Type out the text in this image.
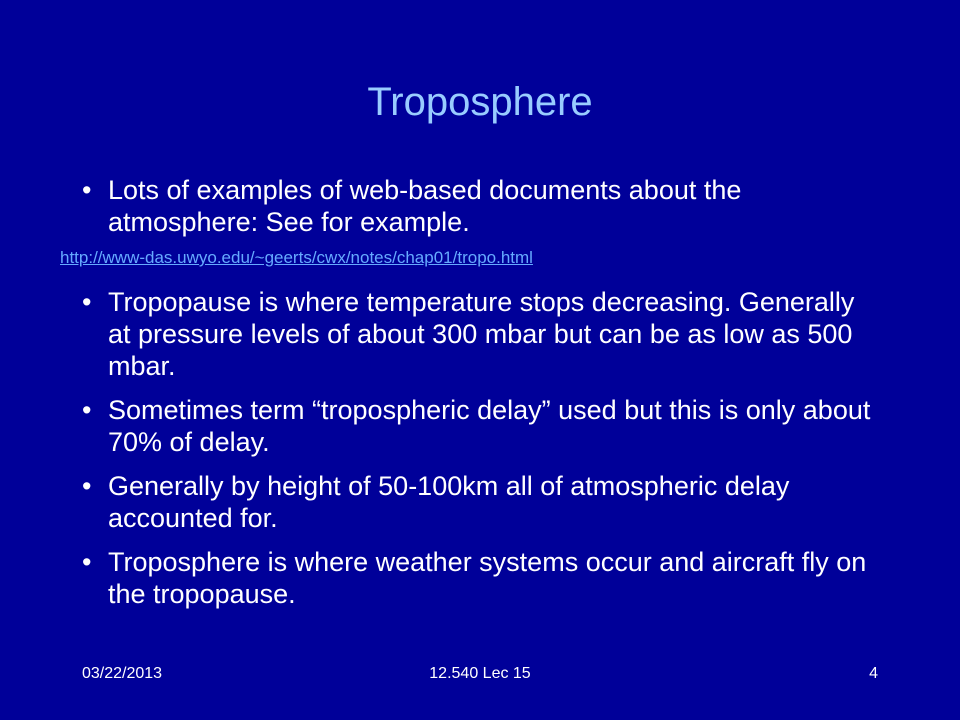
Troposphere
• Lots of examples of web-based documents about the atmosphere: See for example.
http://www-das.uwyo.edu/~geerts/cwx/notes/chap01/tropo.html
• Tropopause is where temperature stops decreasing. Generally at pressure levels of about 300 mbar but can be as low as 500 mbar.
• Sometimes term “tropospheric delay” used but this is only about 70% of delay.
• Generally by height of 50-100km all of atmospheric delay accounted for.
• Troposphere is where weather systems occur and aircraft fly on the tropopause.
03/22/2013	12.540 Lec 15	4
